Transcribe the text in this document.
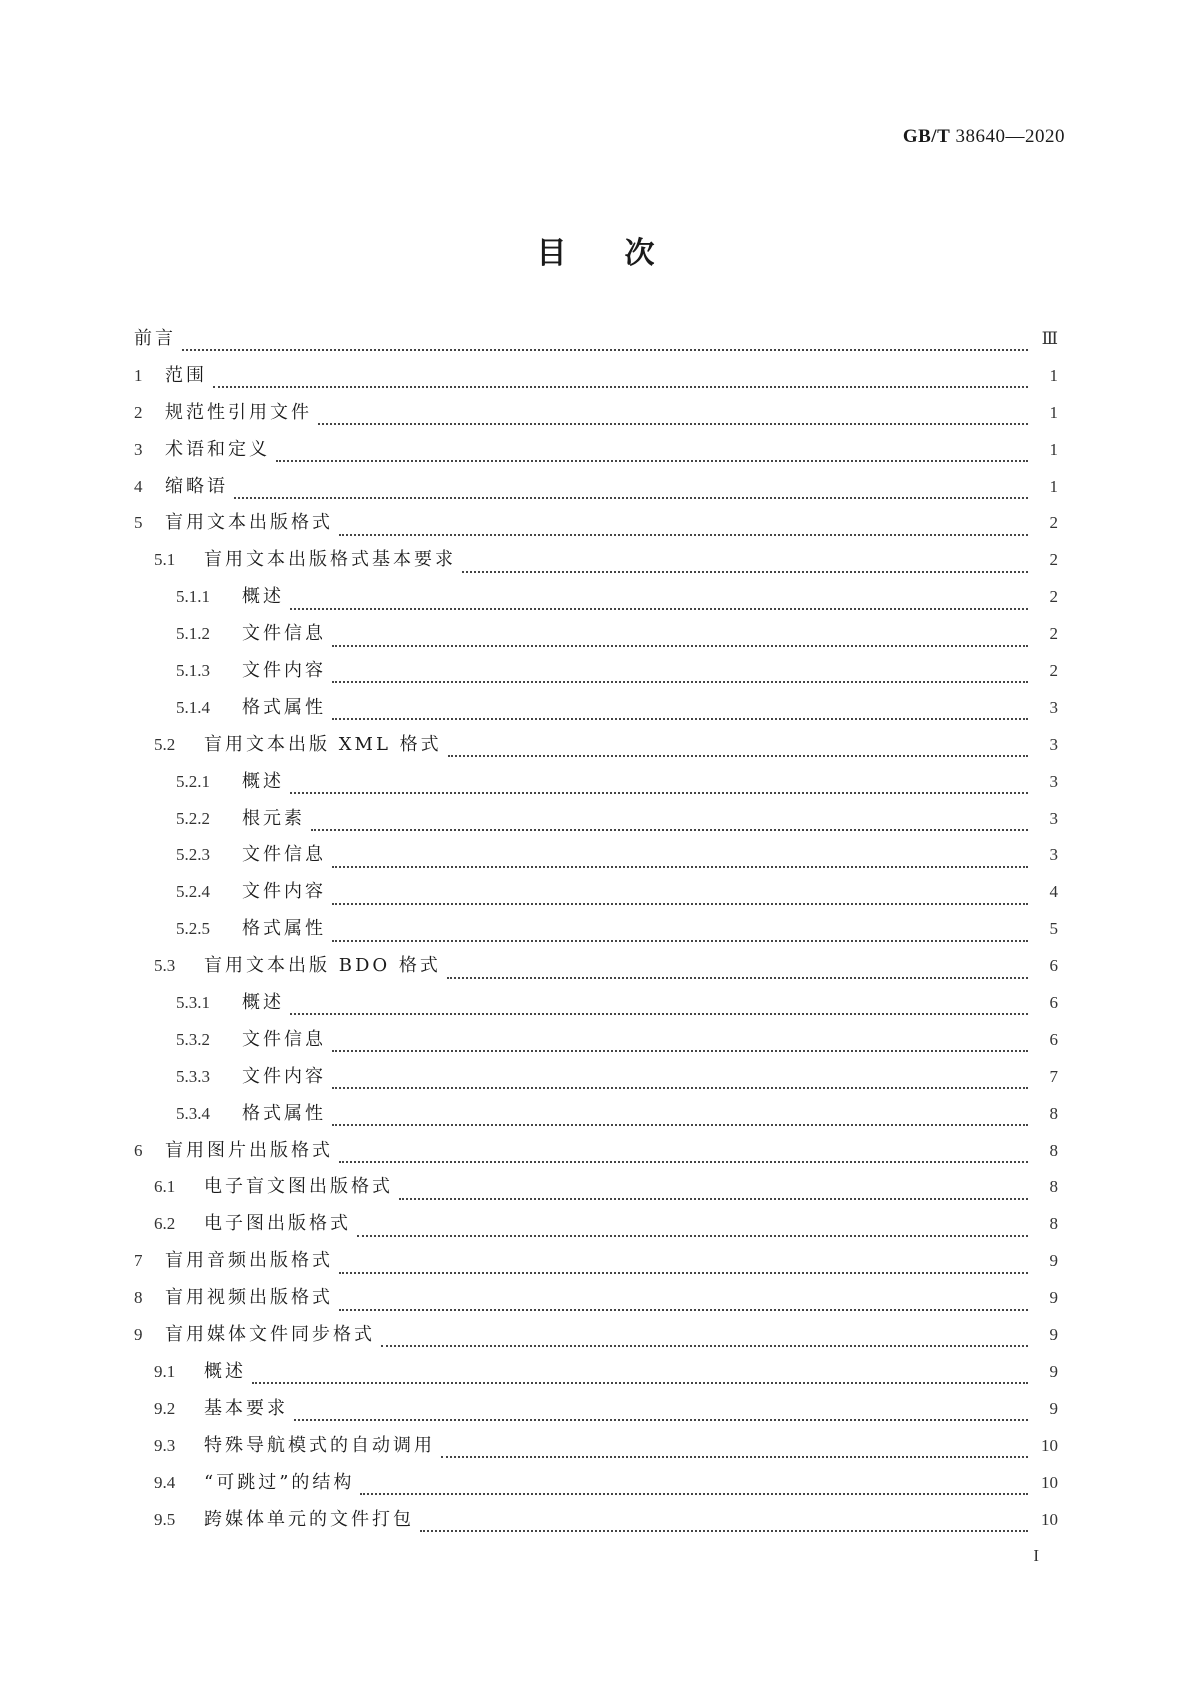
GB/T 38640—2020
目次
前言	Ⅲ
1	范围	1
2	规范性引用文件	1
3	术语和定义	1
4	缩略语	1
5	盲用文本出版格式	2
5.1	盲用文本出版格式基本要求	2
5.1.1	概述	2
5.1.2	文件信息	2
5.1.3	文件内容	2
5.1.4	格式属性	3
5.2	盲用文本出版 XML 格式	3
5.2.1	概述	3
5.2.2	根元素	3
5.2.3	文件信息	3
5.2.4	文件内容	4
5.2.5	格式属性	5
5.3	盲用文本出版 BDO 格式	6
5.3.1	概述	6
5.3.2	文件信息	6
5.3.3	文件内容	7
5.3.4	格式属性	8
6	盲用图片出版格式	8
6.1	电子盲文图出版格式	8
6.2	电子图出版格式	8
7	盲用音频出版格式	9
8	盲用视频出版格式	9
9	盲用媒体文件同步格式	9
9.1	概述	9
9.2	基本要求	9
9.3	特殊导航模式的自动调用	10
9.4	“可跳过”的结构	10
9.5	跨媒体单元的文件打包	10
I
